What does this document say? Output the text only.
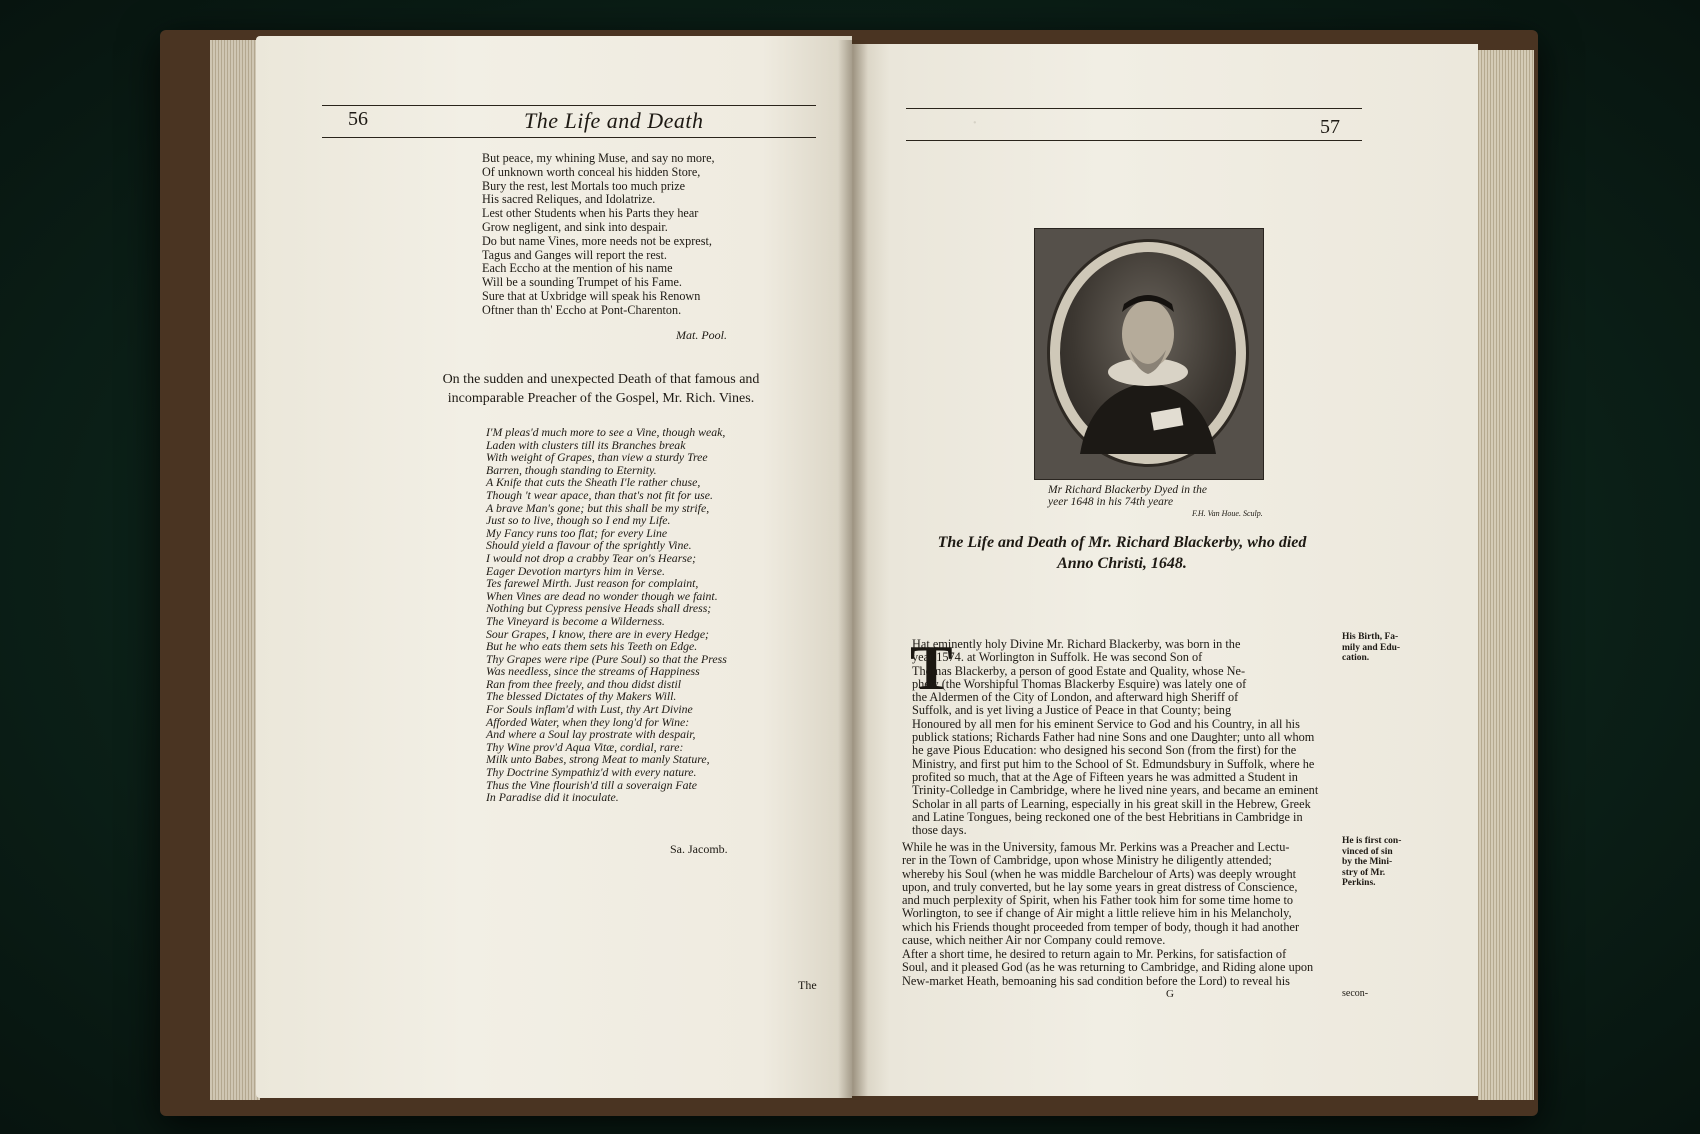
56	The Life and Death
But peace, my whining Muse, and say no more,
Of unknown worth conceal his hidden Store,
Bury the rest, lest Mortals too much prize
His sacred Reliques, and Idolatrize.
Lest other Students when his Parts they hear
Grow negligent, and sink into despair.
Do but name Vines, more needs not be exprest,
Tagus and Ganges will report the rest.
Each Eccho at the mention of his name
Will be a sounding Trumpet of his Fame.
Sure that at Uxbridge will speak his Renown
Oftner than th' Eccho at Pont-Charenton.
Mat. Pool.
On the sudden and unexpected Death of that famous and
incomparable Preacher of the Gospel, Mr. Rich. Vines.
I'M pleas'd much more to see a Vine, though weak,
Laden with clusters till its Branches break
With weight of Grapes, than view a sturdy Tree
Barren, though standing to Eternity.
A Knife that cuts the Sheath I'le rather chuse,
Though 't wear apace, than that's not fit for use.
A brave Man's gone; but this shall be my strife,
Just so to live, though so I end my Life.
My Fancy runs too flat; for every Line
Should yield a flavour of the sprightly Vine.
I would not drop a crabby Tear on's Hearse;
Eager Devotion martyrs him in Verse.
Tes farewel Mirth. Just reason for complaint,
When Vines are dead no wonder though we faint.
Nothing but Cypress pensive Heads shall dress;
The Vineyard is become a Wilderness.
Sour Grapes, I know, there are in every Hedge;
But he who eats them sets his Teeth on Edge.
Thy Grapes were ripe (Pure Soul) so that the Press
Was needless, since the streams of Happiness
Ran from thee freely, and thou didst distil
The blessed Dictates of thy Makers Will.
For Souls inflam'd with Lust, thy Art Divine
Afforded Water, when they long'd for Wine:
And where a Soul lay prostrate with despair,
Thy Wine prov'd Aqua Vitæ, cordial, rare:
Milk unto Babes, strong Meat to manly Stature,
Thy Doctrine Sympathiz'd with every nature.
Thus the Vine flourish'd till a soveraign Fate
In Paradise did it inoculate.
Sa. Jacomb.
The
·	57
Mr Richard Blackerby Dyed in the
yeer 1648 in his 74th yeare
F.H. Van Houe. Sculp.
The Life and Death of Mr. Richard Blackerby, who died
Anno Christi, 1648.
T
Hat eminently holy Divine Mr. Richard Blackerby, was born in the
year 1574. at Worlington in Suffolk. He was second Son of
Thomas Blackerby, a person of good Estate and Quality, whose Ne-
phew (the Worshipful Thomas Blackerby Esquire) was lately one of
the Aldermen of the City of London, and afterward high Sheriff of
Suffolk, and is yet living a Justice of Peace in that County; being
Honoured by all men for his eminent Service to God and his Country, in all his
publick stations; Richards Father had nine Sons and one Daughter; unto all whom
he gave Pious Education: who designed his second Son (from the first) for the
Ministry, and first put him to the School of St. Edmundsbury in Suffolk, where he
profited so much, that at the Age of Fifteen years he was admitted a Student in
Trinity-Colledge in Cambridge, where he lived nine years, and became an eminent
Scholar in all parts of Learning, especially in his great skill in the Hebrew, Greek
and Latine Tongues, being reckoned one of the best Hebritians in Cambridge in
those days.
While he was in the University, famous Mr. Perkins was a Preacher and Lectu-
rer in the Town of Cambridge, upon whose Ministry he diligently attended;
whereby his Soul (when he was middle Barchelour of Arts) was deeply wrought
upon, and truly converted, but he lay some years in great distress of Conscience,
and much perplexity of Spirit, when his Father took him for some time home to
Worlington, to see if change of Air might a little relieve him in his Melancholy,
which his Friends thought proceeded from temper of body, though it had another
cause, which neither Air nor Company could remove.
After a short time, he desired to return again to Mr. Perkins, for satisfaction of
Soul, and it pleased God (as he was returning to Cambridge, and Riding alone upon
New-market Heath, bemoaning his sad condition before the Lord) to reveal his
G	secon-
His Birth, Fa-
mily and Edu-
cation.
He is first con-
vinced of sin
by the Mini-
stry of Mr.
Perkins.
